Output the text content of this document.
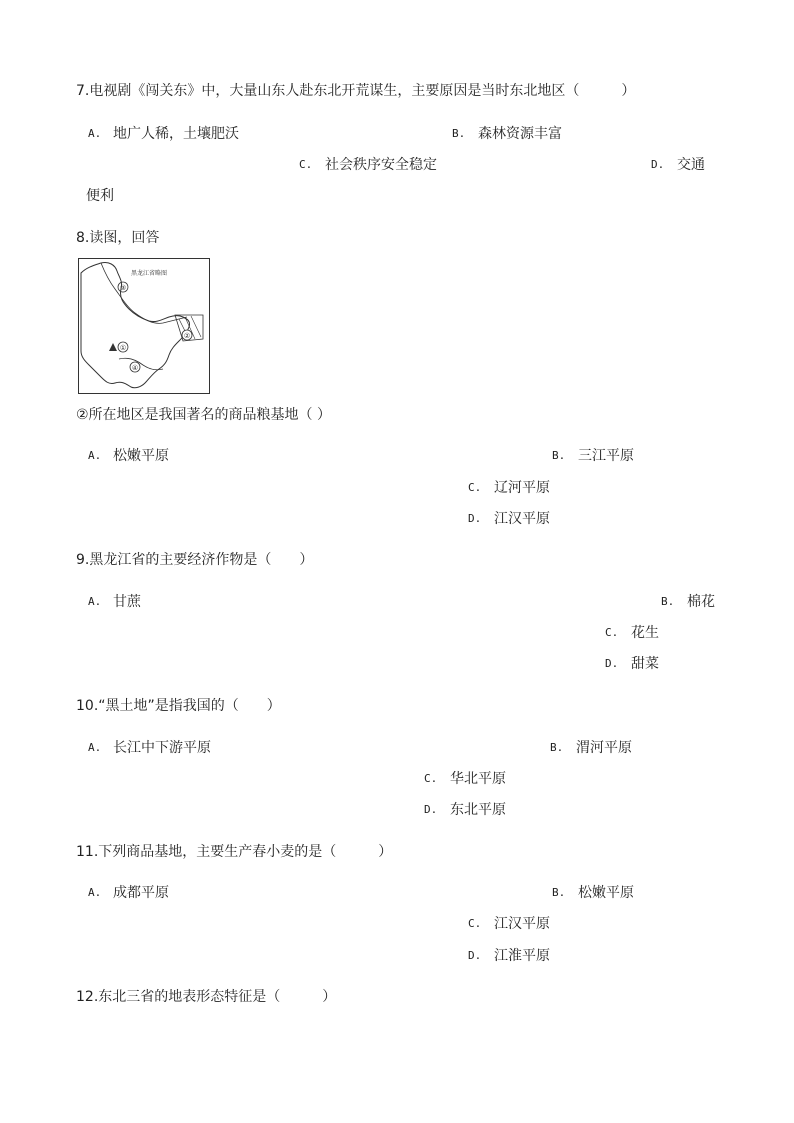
7.电视剧《闯关东》中，大量山东人赴东北开荒谋生，主要原因是当时东北地区（　　　）
A. 地广人稀，土壤肥沃	B. 森林资源丰富
C. 社会秩序安全稳定	D. 交通
便利
8.读图，回答
黑龙江省略图
③
②
①
④
②所在地区是我国著名的商品粮基地（ ）
A. 松嫩平原	B. 三江平原
C. 辽河平原
D. 江汉平原
9.黑龙江省的主要经济作物是（　　）
A. 甘蔗	B. 棉花
C. 花生
D. 甜菜
10.“黑土地”是指我国的（　　）
A. 长江中下游平原	B. 渭河平原
C. 华北平原
D. 东北平原
11.下列商品基地，主要生产春小麦的是（　　　）
A. 成都平原	B. 松嫩平原
C. 江汉平原
D. 江淮平原
12.东北三省的地表形态特征是（　　　）
